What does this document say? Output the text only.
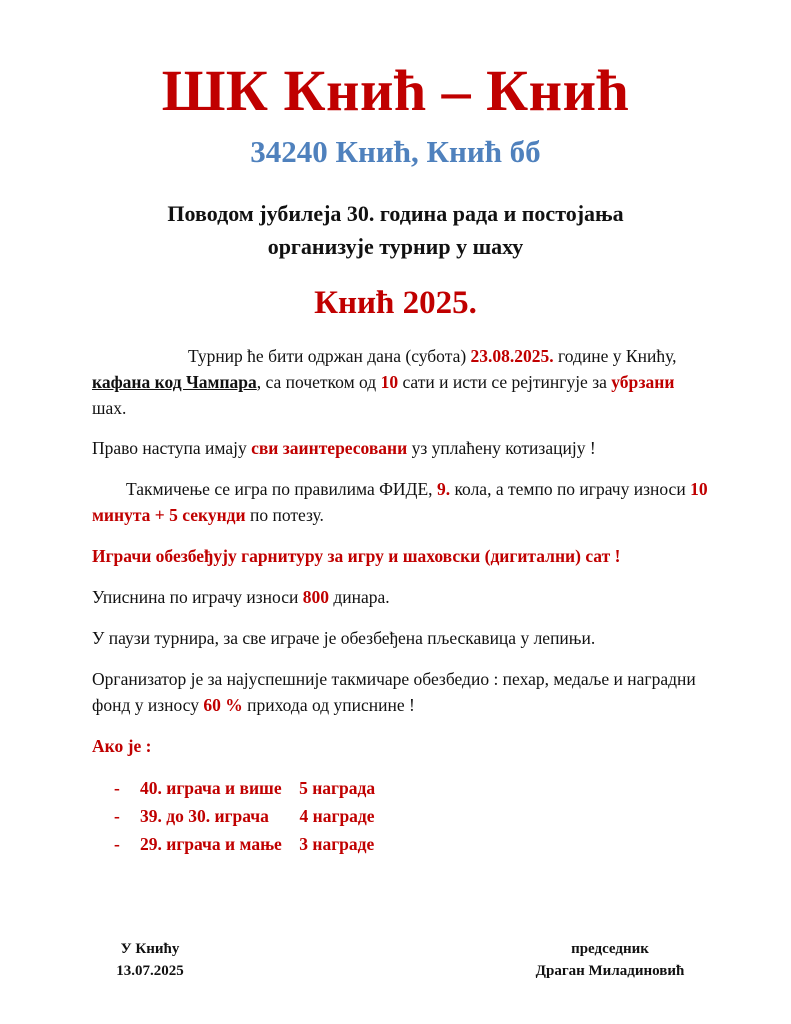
ШК Кнић – Кнић
34240 Кнић, Кнић бб
Поводом јубилеја 30. година рада и постојања
организује турнир у шаху
Кнић 2025.

Турнир ће бити одржан дана (субота) 23.08.2025. године у Книћу, кафана код Чампара, са почетком од 10 сати и исти се рејтингује за убрзани шах.

Право наступа имају сви заинтересовани уз уплаћену котизацију !

Такмичење се игра по правилима ФИДЕ, 9. кола, а темпо по играчу износи 10 минута + 5 секунди по потезу.

Играчи обезбеђују гарнитуру за игру и шаховски (дигитални) сат !

Уписнина по играчу износи 800 динара.

У паузи турнира, за све играче је обезбеђена пљескавица у лепињи.

Организатор је за најуспешније такмичаре обезбедио : пехар, медаље и наградни фонд у износу 60 % прихода од уписнине !

Ако је :

- 40. играча и више    5 награда
- 39. до 30. играча       4 награде
- 29. играча и мање    3 награде
У Книћу
13.07.2025
председник
Драган Миладиновић
